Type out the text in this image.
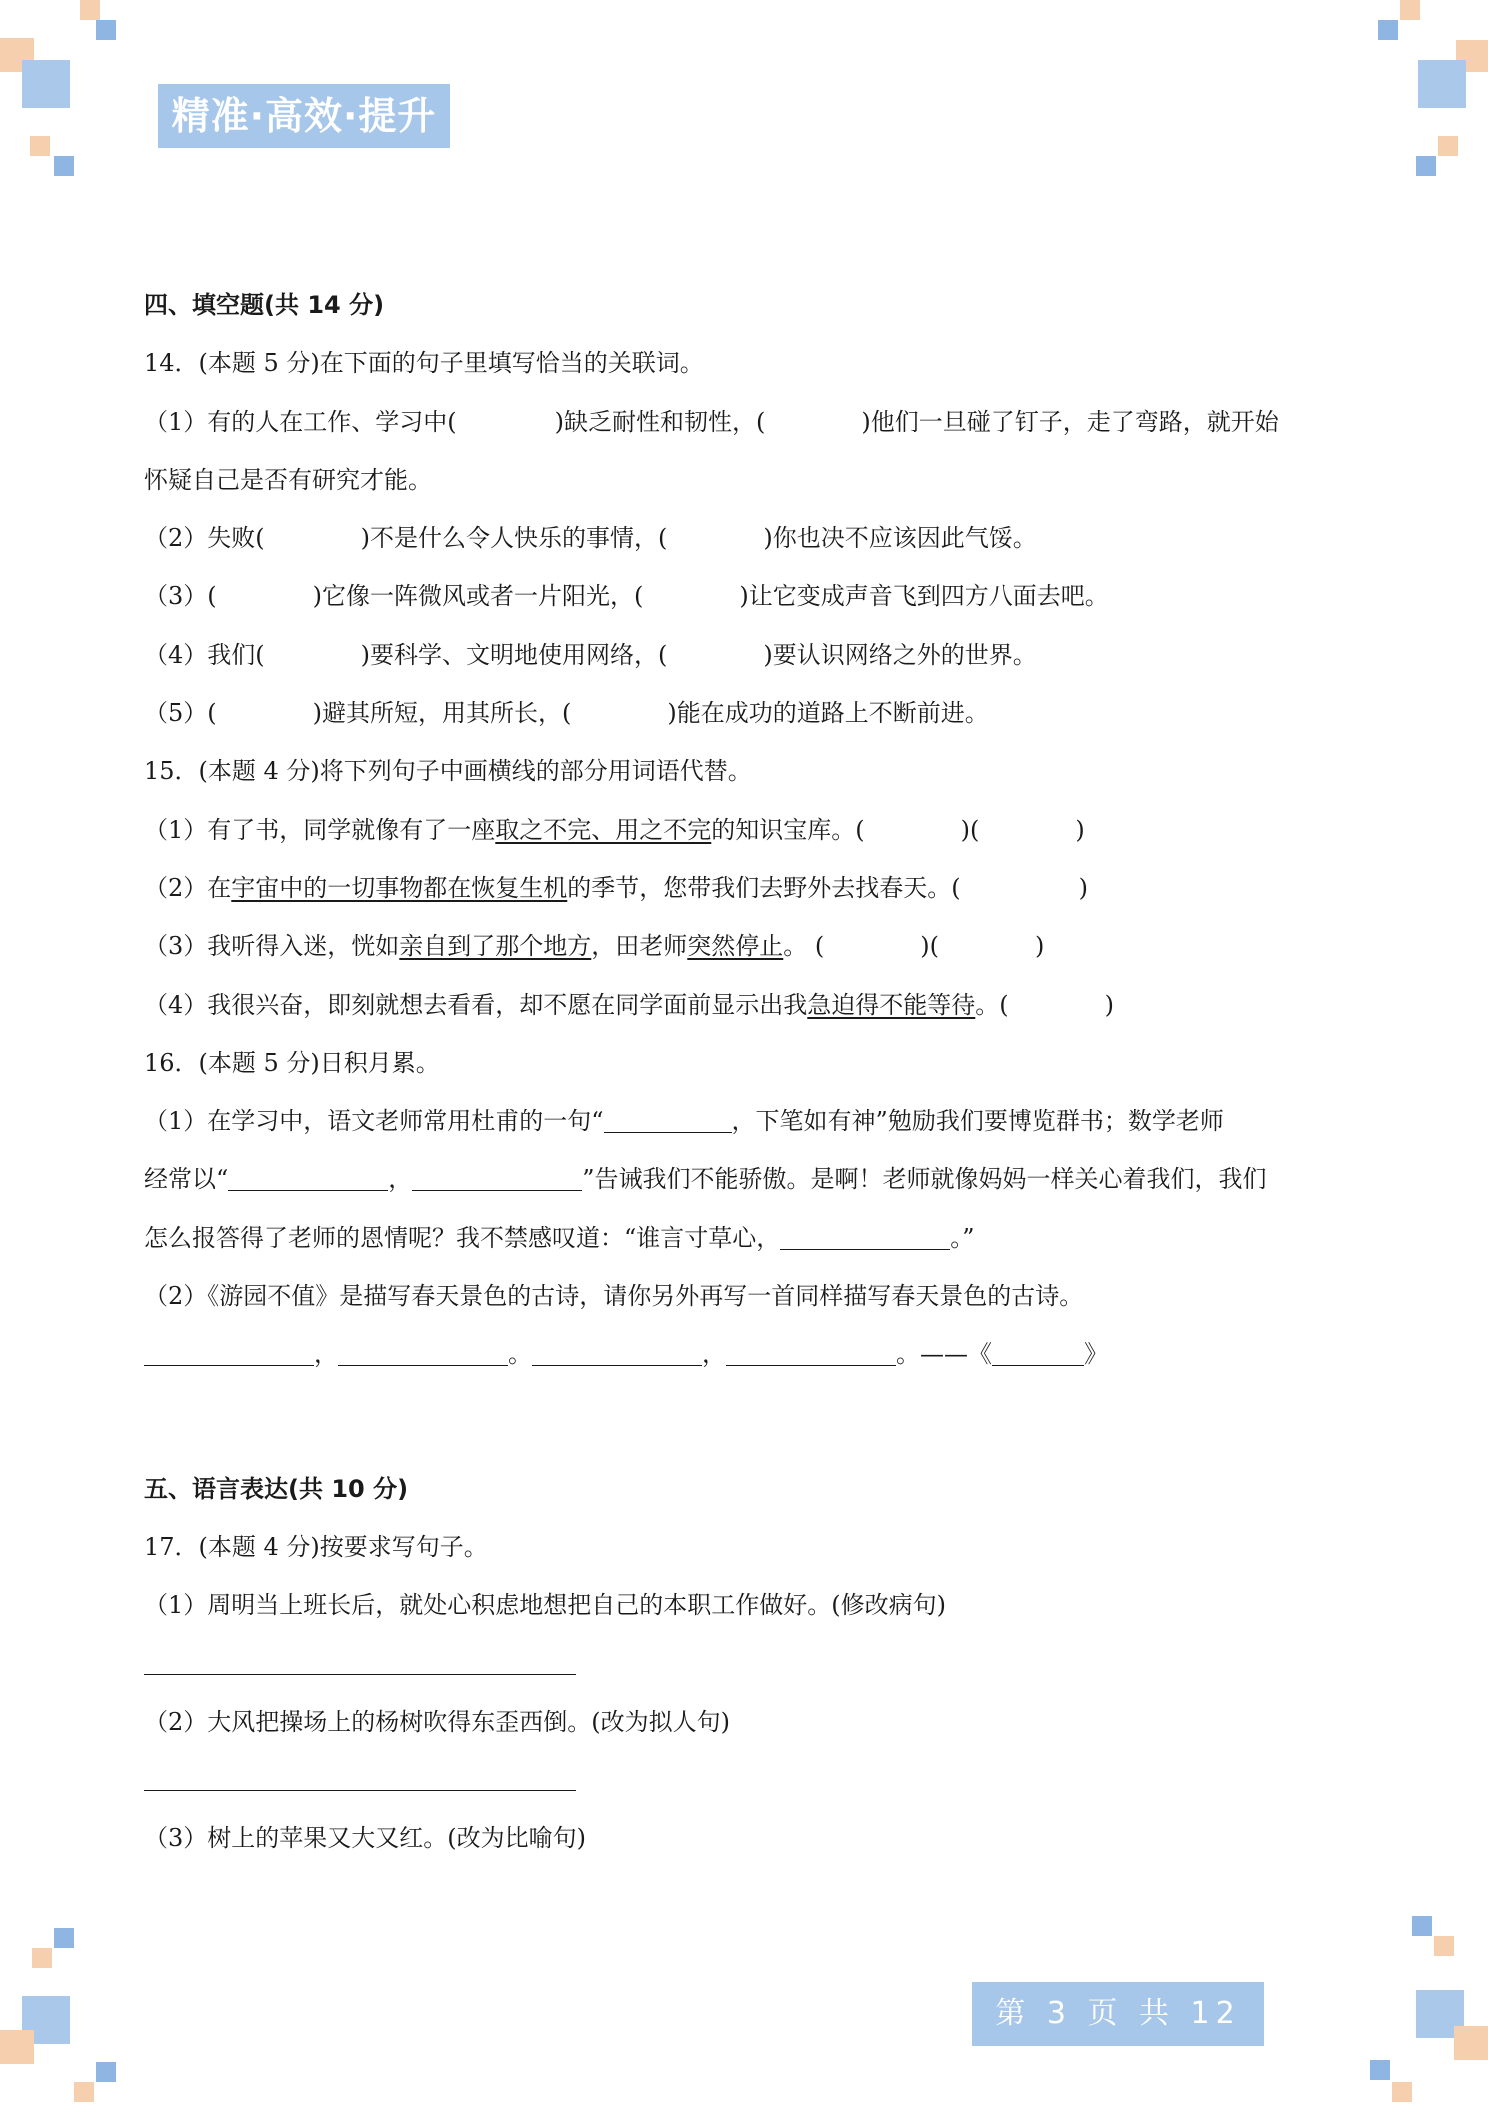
精准·高效·提升
四、填空题(共 14 分)
14．(本题 5 分)在下面的句子里填写恰当的关联词。
（1）有的人在工作、学习中(	)缺乏耐性和韧性，(	)他们一旦碰了钉子，走了弯路，就开始
怀疑自己是否有研究才能。
（2）失败(	)不是什么令人快乐的事情，(	)你也决不应该因此气馁。
（3）(	)它像一阵微风或者一片阳光，(	)让它变成声音飞到四方八面去吧。
（4）我们(	)要科学、文明地使用网络，(	)要认识网络之外的世界。
（5）(	)避其所短，用其所长，(	)能在成功的道路上不断前进。
15．(本题 4 分)将下列句子中画横线的部分用词语代替。
（1）有了书，同学就像有了一座取之不完、用之不完的知识宝库。(	)(	)
（2）在宇宙中的一切事物都在恢复生机的季节，您带我们去野外去找春天。(	)
（3）我听得入迷，恍如亲自到了那个地方，田老师突然停止。 (	)(	)
（4）我很兴奋，即刻就想去看看，却不愿在同学面前显示出我急迫得不能等待。(	)
16．(本题 5 分)日积月累。
（1）在学习中，语文老师常用杜甫的一句“	，下笔如有神”勉励我们要博览群书；数学老师
经常以“	，	”告诫我们不能骄傲。是啊！老师就像妈妈一样关心着我们，我们
怎么报答得了老师的恩情呢？我不禁感叹道：“谁言寸草心，	。”
（2）《游园不值》是描写春天景色的古诗，请你另外再写一首同样描写春天景色的古诗。
，	。	，	。——《	》
五、语言表达(共 10 分)
17．(本题 4 分)按要求写句子。
（1）周明当上班长后，就处心积虑地想把自己的本职工作做好。(修改病句)
（2）大风把操场上的杨树吹得东歪西倒。(改为拟人句)
（3）树上的苹果又大又红。(改为比喻句)
第 3 页 共 12 页
